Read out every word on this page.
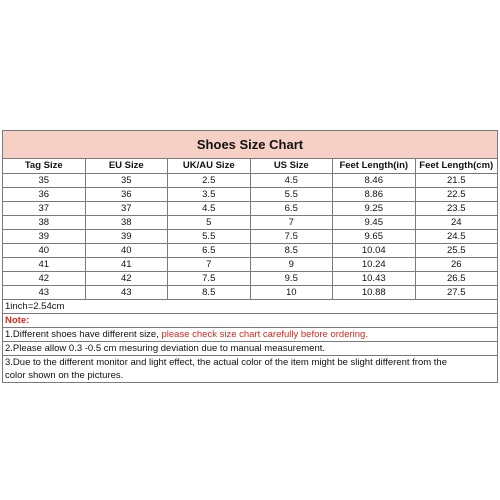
Shoes Size Chart					
Tag Size	EU Size	UK/AU Size	US Size	Feet Length(in)	Feet Length(cm)
35	35	2.5	4.5	8.46	21.5
36	36	3.5	5.5	8.86	22.5
37	37	4.5	6.5	9.25	23.5
38	38	5	7	9.45	24
39	39	5.5	7.5	9.65	24.5
40	40	6.5	8.5	10.04	25.5
41	41	7	9	10.24	26
42	42	7.5	9.5	10.43	26.5
43	43	8.5	10	10.88	27.5
1inch=2.54cm					
Note:					
1.Different shoes have different size, please check size chart carefully before ordering.					
2.Please allow 0.3 -0.5 cm mesuring deviation due to manual measurement.					
3.Due to the different monitor and light effect, the actual color of the item might be slight different from the
color shown on the pictures.					
